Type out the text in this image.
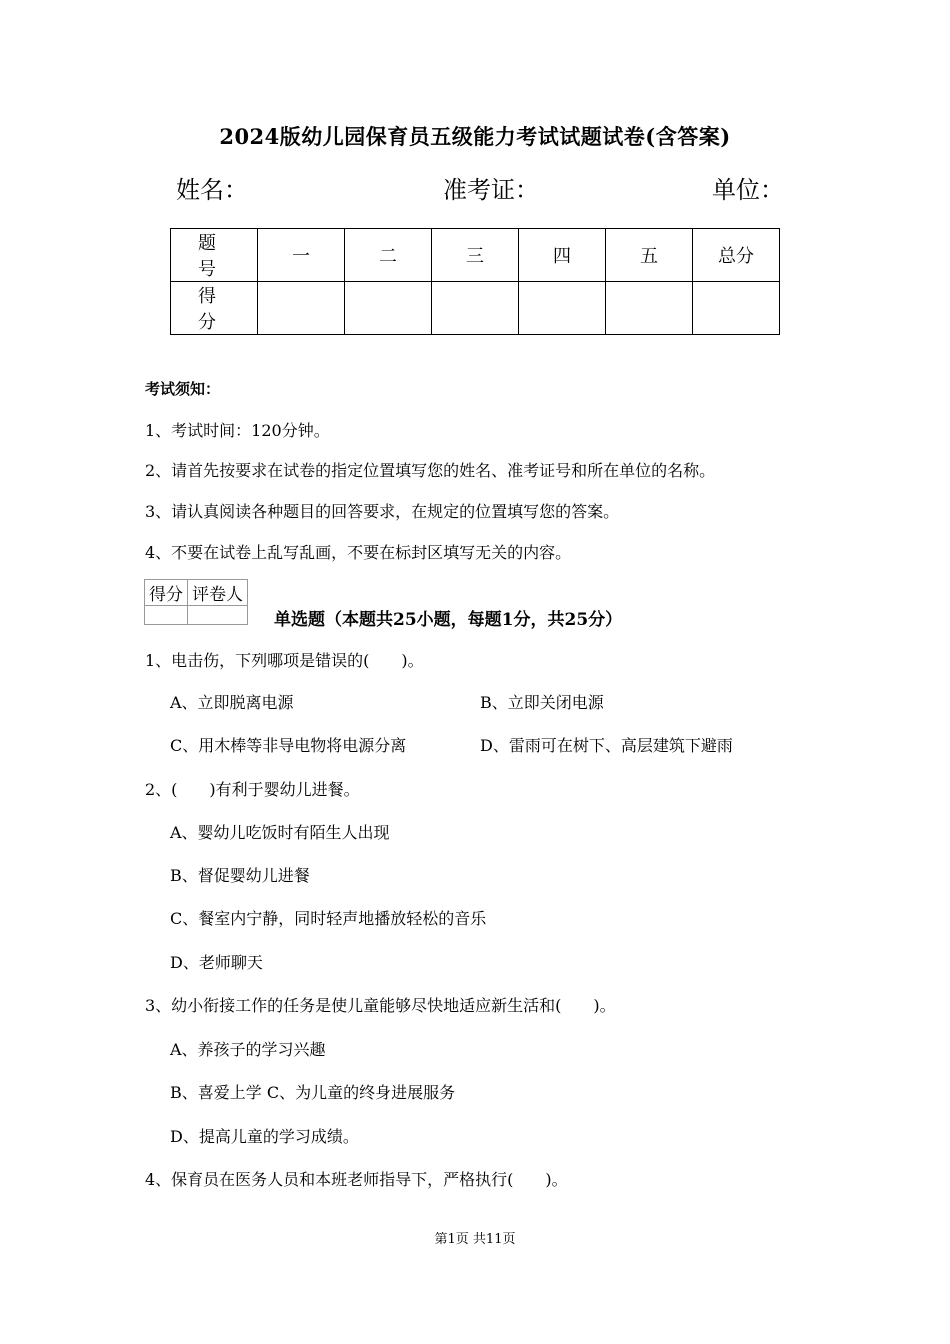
2024版幼儿园保育员五级能力考试试题试卷(含答案)
姓名：	准考证：	单位：
题　号	一	二	三	四	五	总分
得　分						
考试须知：
1、考试时间：120分钟。
2、请首先按要求在试卷的指定位置填写您的姓名、准考证号和所在单位的名称。
3、请认真阅读各种题目的回答要求，在规定的位置填写您的答案。
4、不要在试卷上乱写乱画，不要在标封区填写无关的内容。
得分	评卷人

单选题（本题共25小题，每题1分，共25分）
1、电击伤，下列哪项是错误的(　　)。
A、立即脱离电源	B、立即关闭电源
C、用木棒等非导电物将电源分离	D、雷雨可在树下、高层建筑下避雨
2、(　　)有利于婴幼儿进餐。
A、婴幼儿吃饭时有陌生人出现
B、督促婴幼儿进餐
C、餐室内宁静，同时轻声地播放轻松的音乐
D、老师聊天
3、幼小衔接工作的任务是使儿童能够尽快地适应新生活和(　　)。
A、养孩子的学习兴趣
B、喜爱上学 C、为儿童的终身进展服务
D、提高儿童的学习成绩。
4、保育员在医务人员和本班老师指导下，严格执行(　　)。
第1页 共11页
